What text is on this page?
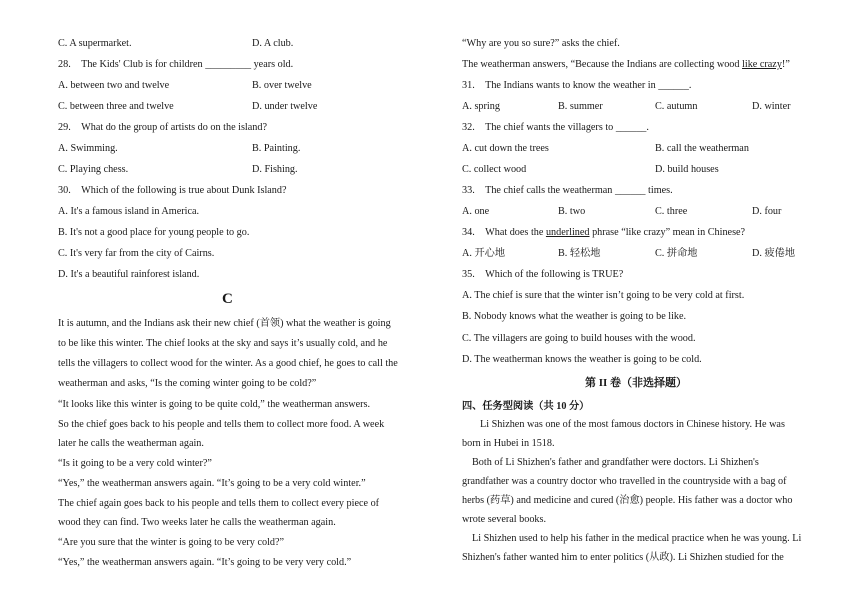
C. A supermarket.	D. A club.
28. The Kids' Club is for children _________ years old.
A. between two and twelve	B. over twelve
C. between three and twelve	D. under twelve
29. What do the group of artists do on the island?
A. Swimming.	B. Painting.
C. Playing chess.	D. Fishing.
30. Which of the following is true about Dunk Island?
A. It's a famous island in America.
B. It's not a good place for young people to go.
C. It's very far from the city of Cairns.
D. It's a beautiful rainforest island.
C
It is autumn, and the Indians ask their new chief (首领) what the weather is going
to be like this winter. The chief looks at the sky and says it’s usually cold, and he
tells the villagers to collect wood for the winter. As a good chief, he goes to call the
weatherman and asks, “Is the coming winter going to be cold?”
“It looks like this winter is going to be quite cold,” the weatherman answers.
So the chief goes back to his people and tells them to collect more food. A week
later he calls the weatherman again.
“Is it going to be a very cold winter?”
“Yes,” the weatherman answers again. “It’s going to be a very cold winter.”
The chief again goes back to his people and tells them to collect every piece of
wood they can find. Two weeks later he calls the weatherman again.
“Are you sure that the winter is going to be very cold?”
“Yes,” the weatherman answers again. “It’s going to be very very cold.”
“Why are you so sure?” asks the chief.
The weatherman answers, “Because the Indians are collecting wood like crazy!”
31. The Indians wants to know the weather in ______.
A. spring	B. summer	C. autumn	D. winter
32. The chief wants the villagers to ______.
A. cut down the trees	B. call the weatherman
C. collect wood	D. build houses
33. The chief calls the weatherman ______ times.
A. one	B. two	C. three	D. four
34. What does the underlined phrase “like crazy” mean in Chinese?
A. 开心地	B. 轻松地	C. 拼命地	D. 疲倦地
35. Which of the following is TRUE?
A. The chief is sure that the winter isn’t going to be very cold at first.
B. Nobody knows what the weather is going to be like.
C. The villagers are going to build houses with the wood.
D. The weatherman knows the weather is going to be cold.
第 II 卷（非选择题）
四、任务型阅读（共 10 分）
Li Shizhen was one of the most famous doctors in Chinese history. He was
born in Hubei in 1518.
Both of Li Shizhen's father and grandfather were doctors. Li Shizhen's
grandfather was a country doctor who travelled in the countryside with a bag of
herbs (药草) and medicine and cured (治愈) people. His father was a doctor who
wrote several books.
Li Shizhen used to help his father in the medical practice when he was young. Li
Shizhen's father wanted him to enter politics (从政). Li Shizhen studied for the
